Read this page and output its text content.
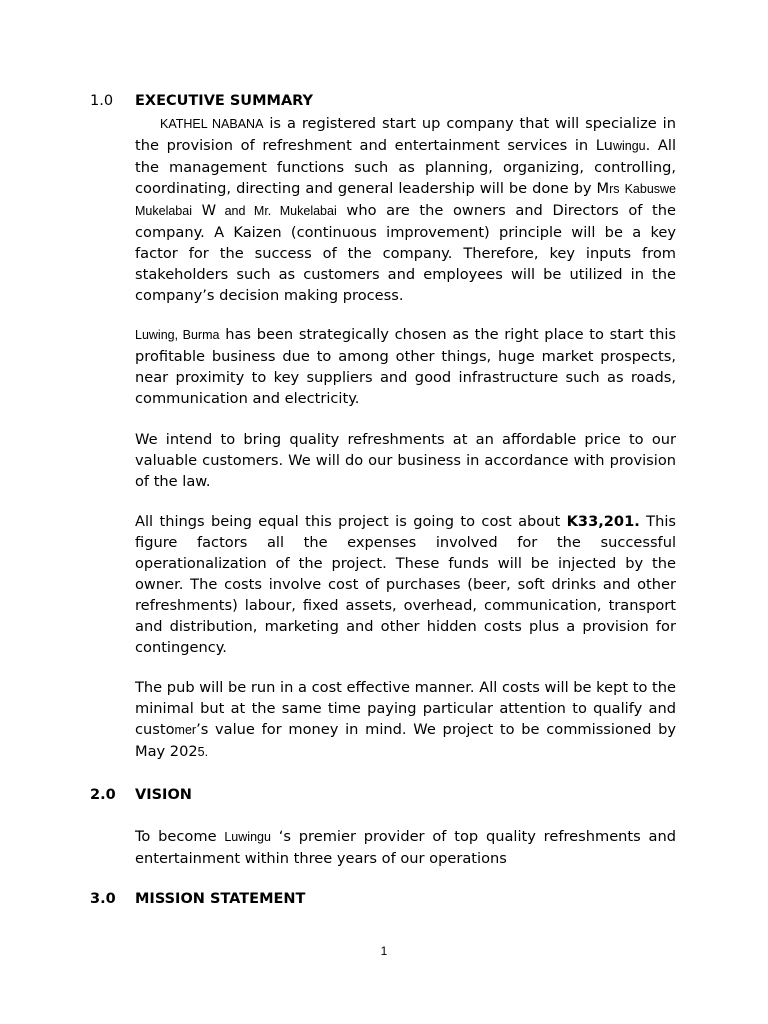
1.0 EXECUTIVE SUMMARY

KATHEL NABANA is a registered start up company that will specialize in the provision of refreshment and entertainment services in Luwingu. All the management functions such as planning, organizing, controlling, coordinating, directing and general leadership will be done by Mrs Kabuswe Mukelabai W and Mr. Mukelabai who are the owners and Directors of the company. A Kaizen (continuous improvement) principle will be a key factor for the success of the company. Therefore, key inputs from stakeholders such as customers and employees will be utilized in the company’s decision making process.

Luwing, Burma has been strategically chosen as the right place to start this profitable business due to among other things, huge market prospects, near proximity to key suppliers and good infrastructure such as roads, communication and electricity.

We intend to bring quality refreshments at an affordable price to our valuable customers. We will do our business in accordance with provision of the law.

All things being equal this project is going to cost about K33,201. This figure factors all the expenses involved for the successful operationalization of the project. These funds will be injected by the owner. The costs involve cost of purchases (beer, soft drinks and other refreshments) labour, fixed assets, overhead, communication, transport and distribution, marketing and other hidden costs plus a provision for contingency.

The pub will be run in a cost effective manner. All costs will be kept to the minimal but at the same time paying particular attention to qualify and customer’s value for money in mind. We project to be commissioned by May 2025.

2.0 VISION

To become Luwingu ‘s premier provider of top quality refreshments and entertainment within three years of our operations

3.0 MISSION STATEMENT
1
